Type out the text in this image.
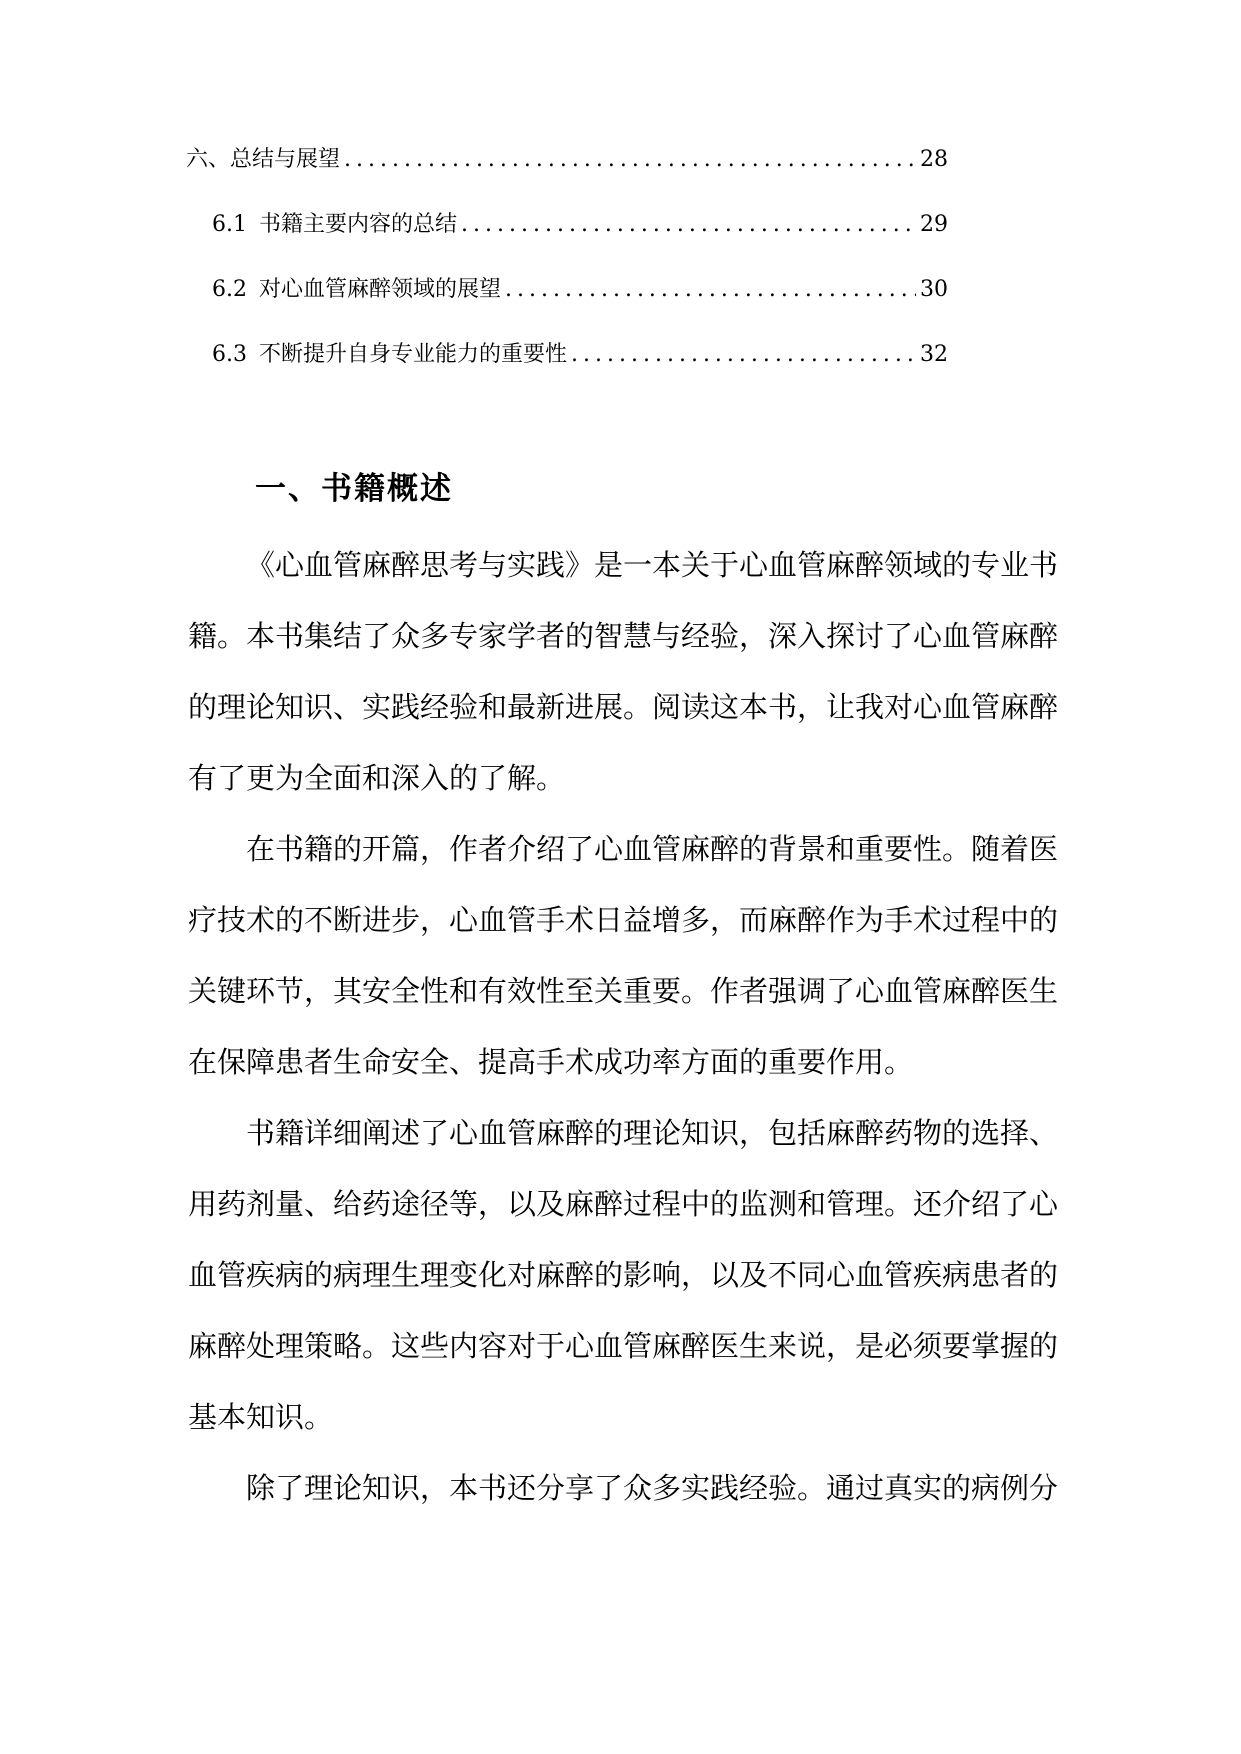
六、总结与展望 .....	28
6.1 书籍主要内容的总结 .....	29
6.2 对心血管麻醉领域的展望 .....	30
6.3 不断提升自身专业能力的重要性 .....	32
一、书籍概述

《心血管麻醉思考与实践》是一本关于心血管麻醉领域的专业书籍。本书集结了众多专家学者的智慧与经验，深入探讨了心血管麻醉的理论知识、实践经验和最新进展。阅读这本书，让我对心血管麻醉有了更为全面和深入的了解。

在书籍的开篇，作者介绍了心血管麻醉的背景和重要性。随着医疗技术的不断进步，心血管手术日益增多，而麻醉作为手术过程中的关键环节，其安全性和有效性至关重要。作者强调了心血管麻醉医生在保障患者生命安全、提高手术成功率方面的重要作用。

书籍详细阐述了心血管麻醉的理论知识，包括麻醉药物的选择、用药剂量、给药途径等，以及麻醉过程中的监测和管理。还介绍了心血管疾病的病理生理变化对麻醉的影响，以及不同心血管疾病患者的麻醉处理策略。这些内容对于心血管麻醉医生来说，是必须要掌握的基本知识。

除了理论知识，本书还分享了众多实践经验。通过真实的病例分
